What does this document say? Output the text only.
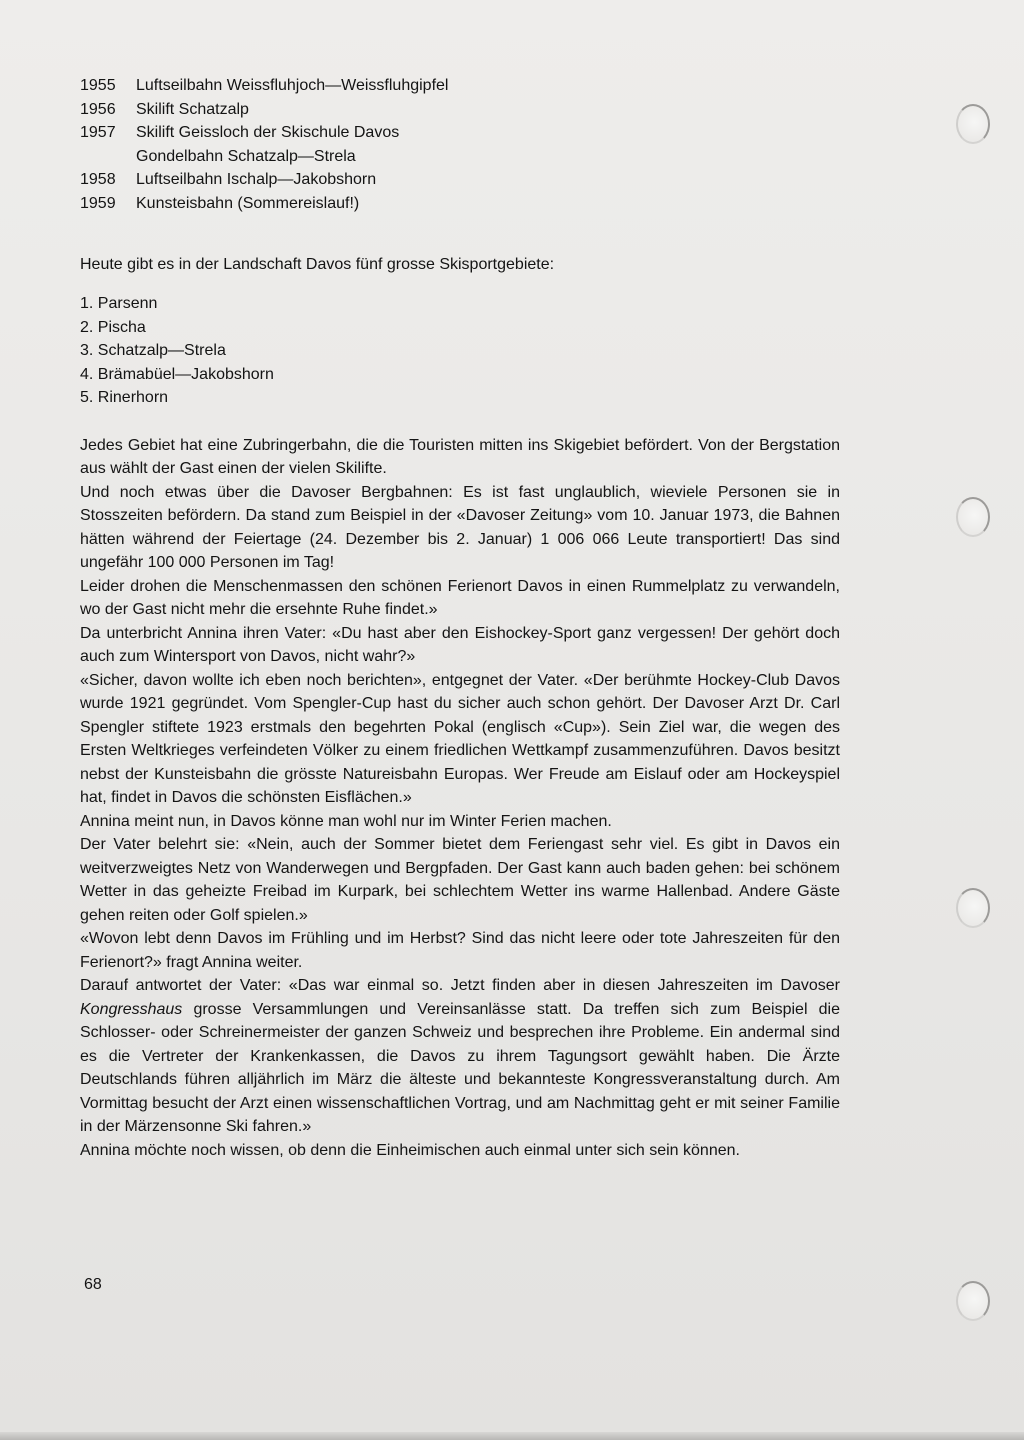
1955	Luftseilbahn Weissfluhjoch—Weissfluhgipfel
1956	Skilift Schatzalp
1957	Skilift Geissloch der Skischule Davos
Gondelbahn Schatzalp—Strela
1958	Luftseilbahn Ischalp—Jakobshorn
1959	Kunsteisbahn (Sommereislauf!)

Heute gibt es in der Landschaft Davos fünf grosse Skisportgebiete:

1. Parsenn
2. Pischa
3. Schatzalp—Strela
4. Brämabüel—Jakobshorn
5. Rinerhorn

Jedes Gebiet hat eine Zubringerbahn, die die Touristen mitten ins Skigebiet befördert. Von der Bergstation aus wählt der Gast einen der vielen Skilifte.

Und noch etwas über die Davoser Bergbahnen: Es ist fast unglaublich, wieviele Personen sie in Stosszeiten befördern. Da stand zum Beispiel in der «Davoser Zeitung» vom 10. Januar 1973, die Bahnen hätten während der Feiertage (24. Dezember bis 2. Januar) 1 006 066 Leute transportiert! Das sind ungefähr 100 000 Personen im Tag!

Leider drohen die Menschenmassen den schönen Ferienort Davos in einen Rummelplatz zu verwandeln, wo der Gast nicht mehr die ersehnte Ruhe findet.»

Da unterbricht Annina ihren Vater: «Du hast aber den Eishockey-Sport ganz vergessen! Der gehört doch auch zum Wintersport von Davos, nicht wahr?»

«Sicher, davon wollte ich eben noch berichten», entgegnet der Vater. «Der berühmte Hockey-Club Davos wurde 1921 gegründet. Vom Spengler-Cup hast du sicher auch schon gehört. Der Davoser Arzt Dr. Carl Spengler stiftete 1923 erstmals den begehrten Pokal (englisch «Cup»). Sein Ziel war, die wegen des Ersten Weltkrieges verfeindeten Völker zu einem friedlichen Wettkampf zusammenzuführen. Davos besitzt nebst der Kunsteisbahn die grösste Natureisbahn Europas. Wer Freude am Eislauf oder am Hockeyspiel hat, findet in Davos die schönsten Eisflächen.»

Annina meint nun, in Davos könne man wohl nur im Winter Ferien machen.

Der Vater belehrt sie: «Nein, auch der Sommer bietet dem Feriengast sehr viel. Es gibt in Davos ein weitverzweigtes Netz von Wanderwegen und Bergpfaden. Der Gast kann auch baden gehen: bei schönem Wetter in das geheizte Freibad im Kurpark, bei schlechtem Wetter ins warme Hallenbad. Andere Gäste gehen reiten oder Golf spielen.»

«Wovon lebt denn Davos im Frühling und im Herbst? Sind das nicht leere oder tote Jahreszeiten für den Ferienort?» fragt Annina weiter.

Darauf antwortet der Vater: «Das war einmal so. Jetzt finden aber in diesen Jahreszeiten im Davoser Kongresshaus grosse Versammlungen und Vereinsanlässe statt. Da treffen sich zum Beispiel die Schlosser- oder Schreinermeister der ganzen Schweiz und besprechen ihre Probleme. Ein andermal sind es die Vertreter der Krankenkassen, die Davos zu ihrem Tagungsort gewählt haben. Die Ärzte Deutschlands führen alljährlich im März die älteste und bekannteste Kongressveranstaltung durch. Am Vormittag besucht der Arzt einen wissenschaftlichen Vortrag, und am Nachmittag geht er mit seiner Familie in der Märzensonne Ski fahren.»

Annina möchte noch wissen, ob denn die Einheimischen auch einmal unter sich sein können.

68
